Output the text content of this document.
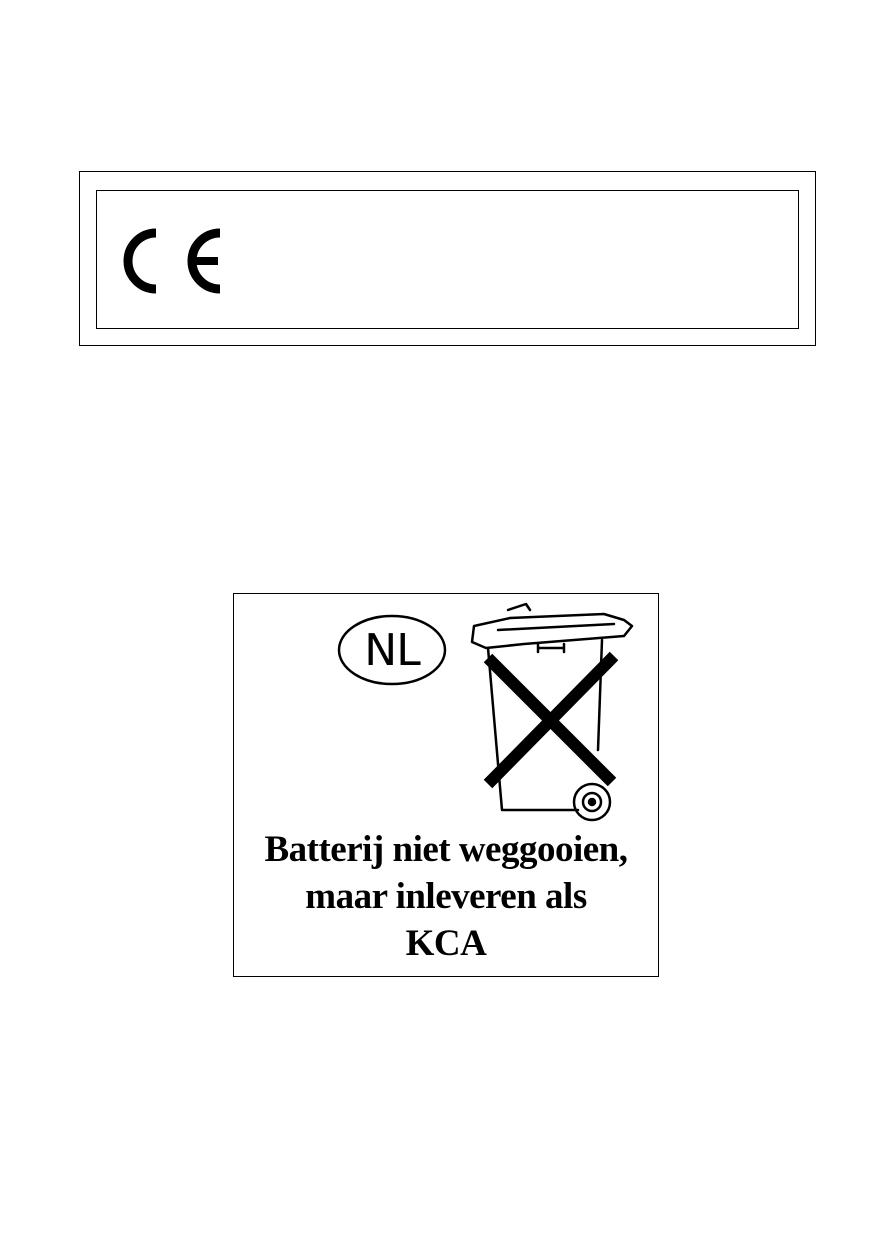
NL
Batterij niet weggooien,
maar inleveren als
KCA
